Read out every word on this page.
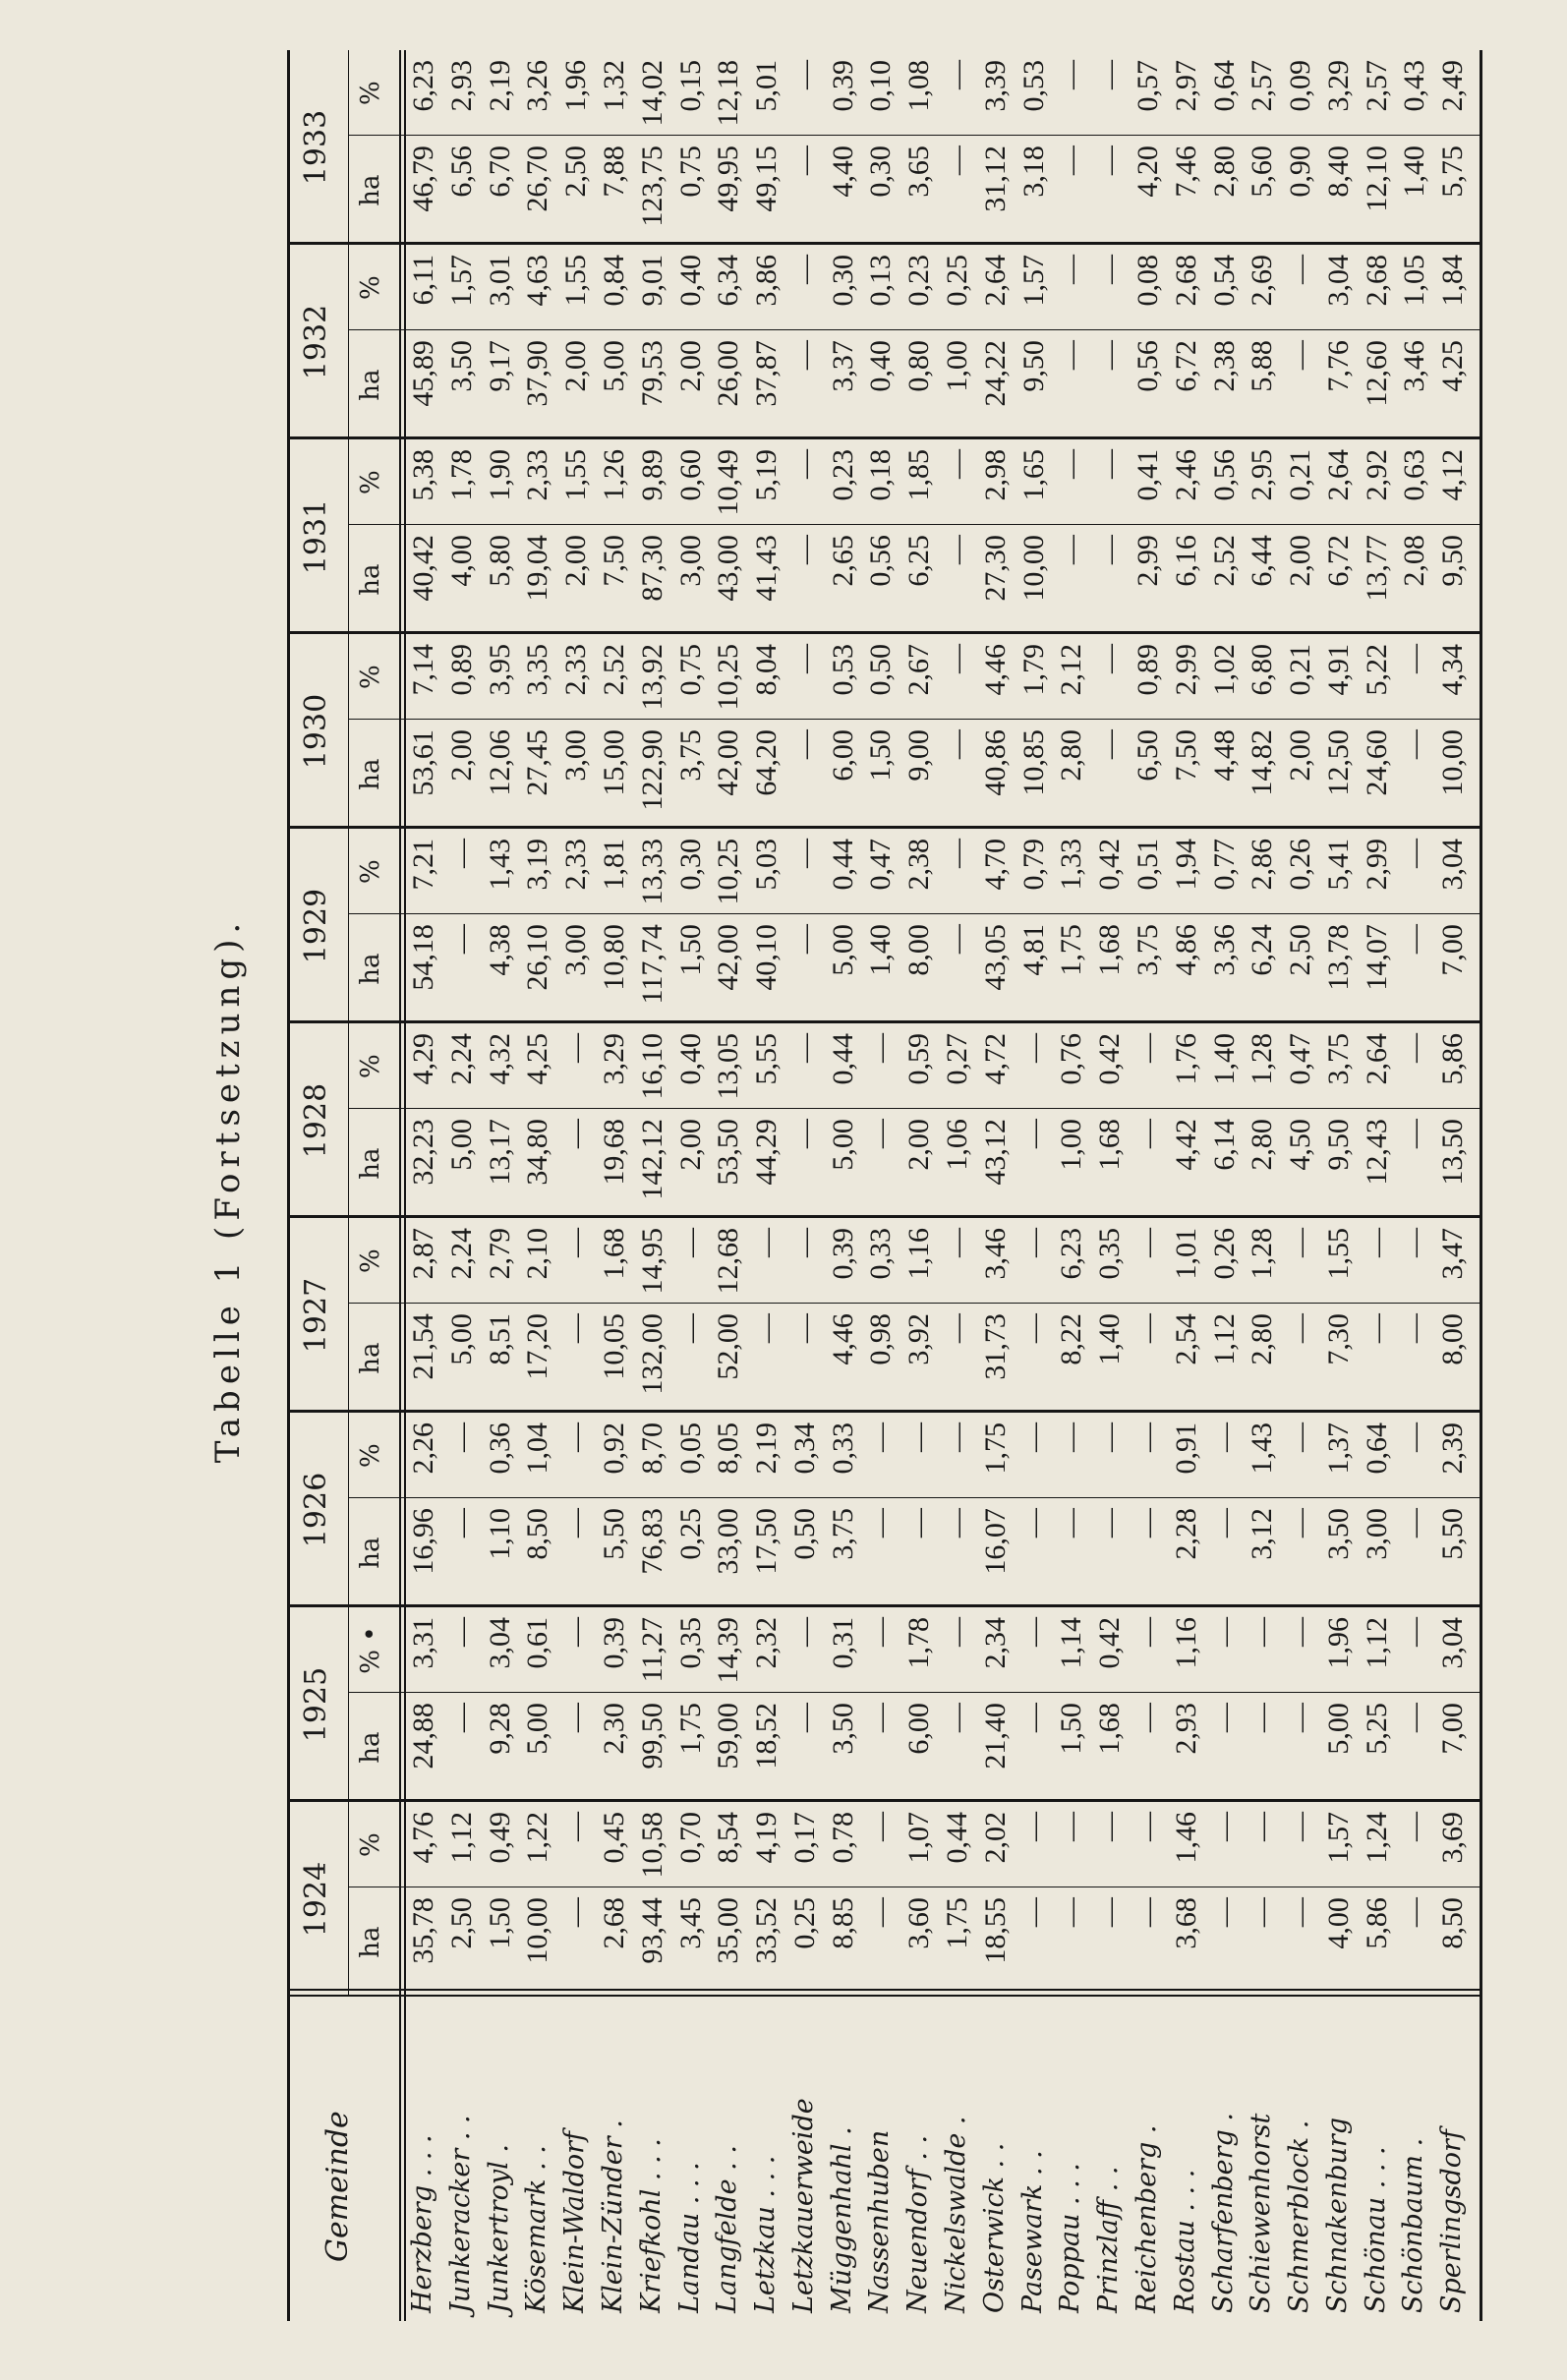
Tabelle 1 (Fortsetzung).
Gemeinde
1924
ha
%
1925
ha
% •
1926
ha
%
1927
ha
%
1928
ha
%
1929
ha
%
1930
ha
%
1931
ha
%
1932
ha
%
1933
ha
%
Herzberg . . .
35,78
4,76
24,88
3,31
16,96
2,26
21,54
2,87
32,23
4,29
54,18
7,21
53,61
7,14
40,42
5,38
45,89
6,11
46,79
6,23
Junkeracker . .
2,50
1,12
—
—
—
—
5,00
2,24
5,00
2,24
—
—
2,00
0,89
4,00
1,78
3,50
1,57
6,56
2,93
Junkertroyl .
1,50
0,49
9,28
3,04
1,10
0,36
8,51
2,79
13,17
4,32
4,38
1,43
12,06
3,95
5,80
1,90
9,17
3,01
6,70
2,19
Kösemark . .
10,00
1,22
5,00
0,61
8,50
1,04
17,20
2,10
34,80
4,25
26,10
3,19
27,45
3,35
19,04
2,33
37,90
4,63
26,70
3,26
Klein-Waldorf
—
—
—
—
—
—
—
—
—
—
3,00
2,33
3,00
2,33
2,00
1,55
2,00
1,55
2,50
1,96
Klein-Zünder .
2,68
0,45
2,30
0,39
5,50
0,92
10,05
1,68
19,68
3,29
10,80
1,81
15,00
2,52
7,50
1,26
5,00
0,84
7,88
1,32
Kriefkohl . . .
93,44
10,58
99,50
11,27
76,83
8,70
132,00
14,95
142,12
16,10
117,74
13,33
122,90
13,92
87,30
9,89
79,53
9,01
123,75
14,02
Landau . . .
3,45
0,70
1,75
0,35
0,25
0,05
—
—
2,00
0,40
1,50
0,30
3,75
0,75
3,00
0,60
2,00
0,40
0,75
0,15
Langfelde . .
35,00
8,54
59,00
14,39
33,00
8,05
52,00
12,68
53,50
13,05
42,00
10,25
42,00
10,25
43,00
10,49
26,00
6,34
49,95
12,18
Letzkau . . .
33,52
4,19
18,52
2,32
17,50
2,19
—
—
44,29
5,55
40,10
5,03
64,20
8,04
41,43
5,19
37,87
3,86
49,15
5,01
Letzkauerweide
0,25
0,17
—
—
0,50
0,34
—
—
—
—
—
—
—
—
—
—
—
—
—
—
Müggenhahl .
8,85
0,78
3,50
0,31
3,75
0,33
4,46
0,39
5,00
0,44
5,00
0,44
6,00
0,53
2,65
0,23
3,37
0,30
4,40
0,39
Nassenhuben
—
—
—
—
—
—
0,98
0,33
—
—
1,40
0,47
1,50
0,50
0,56
0,18
0,40
0,13
0,30
0,10
Neuendorf . .
3,60
1,07
6,00
1,78
—
—
3,92
1,16
2,00
0,59
8,00
2,38
9,00
2,67
6,25
1,85
0,80
0,23
3,65
1,08
Nickelswalde .
1,75
0,44
—
—
—
—
—
—
1,06
0,27
—
—
—
—
—
—
1,00
0,25
—
—
Osterwick . .
18,55
2,02
21,40
2,34
16,07
1,75
31,73
3,46
43,12
4,72
43,05
4,70
40,86
4,46
27,30
2,98
24,22
2,64
31,12
3,39
Pasewark . .
—
—
—
—
—
—
—
—
—
—
4,81
0,79
10,85
1,79
10,00
1,65
9,50
1,57
3,18
0,53
Poppau . . .
—
—
1,50
1,14
—
—
8,22
6,23
1,00
0,76
1,75
1,33
2,80
2,12
—
—
—
—
—
—
Prinzlaff . .
—
—
1,68
0,42
—
—
1,40
0,35
1,68
0,42
1,68
0,42
—
—
—
—
—
—
—
—
Reichenberg .
—
—
—
—
—
—
—
—
—
—
3,75
0,51
6,50
0,89
2,99
0,41
0,56
0,08
4,20
0,57
Rostau . . .
3,68
1,46
2,93
1,16
2,28
0,91
2,54
1,01
4,42
1,76
4,86
1,94
7,50
2,99
6,16
2,46
6,72
2,68
7,46
2,97
Scharfenberg .
—
—
—
—
—
—
1,12
0,26
6,14
1,40
3,36
0,77
4,48
1,02
2,52
0,56
2,38
0,54
2,80
0,64
Schiewenhorst
—
—
—
—
3,12
1,43
2,80
1,28
2,80
1,28
6,24
2,86
14,82
6,80
6,44
2,95
5,88
2,69
5,60
2,57
Schmerblock .
—
—
—
—
—
—
—
—
4,50
0,47
2,50
0,26
2,00
0,21
2,00
0,21
—
—
0,90
0,09
Schnakenburg
4,00
1,57
5,00
1,96
3,50
1,37
7,30
1,55
9,50
3,75
13,78
5,41
12,50
4,91
6,72
2,64
7,76
3,04
8,40
3,29
Schönau . . .
5,86
1,24
5,25
1,12
3,00
0,64
—
—
12,43
2,64
14,07
2,99
24,60
5,22
13,77
2,92
12,60
2,68
12,10
2,57
Schönbaum .
—
—
—
—
—
—
—
—
—
—
—
—
—
—
2,08
0,63
3,46
1,05
1,40
0,43
Sperlingsdorf
8,50
3,69
7,00
3,04
5,50
2,39
8,00
3,47
13,50
5,86
7,00
3,04
10,00
4,34
9,50
4,12
4,25
1,84
5,75
2,49
